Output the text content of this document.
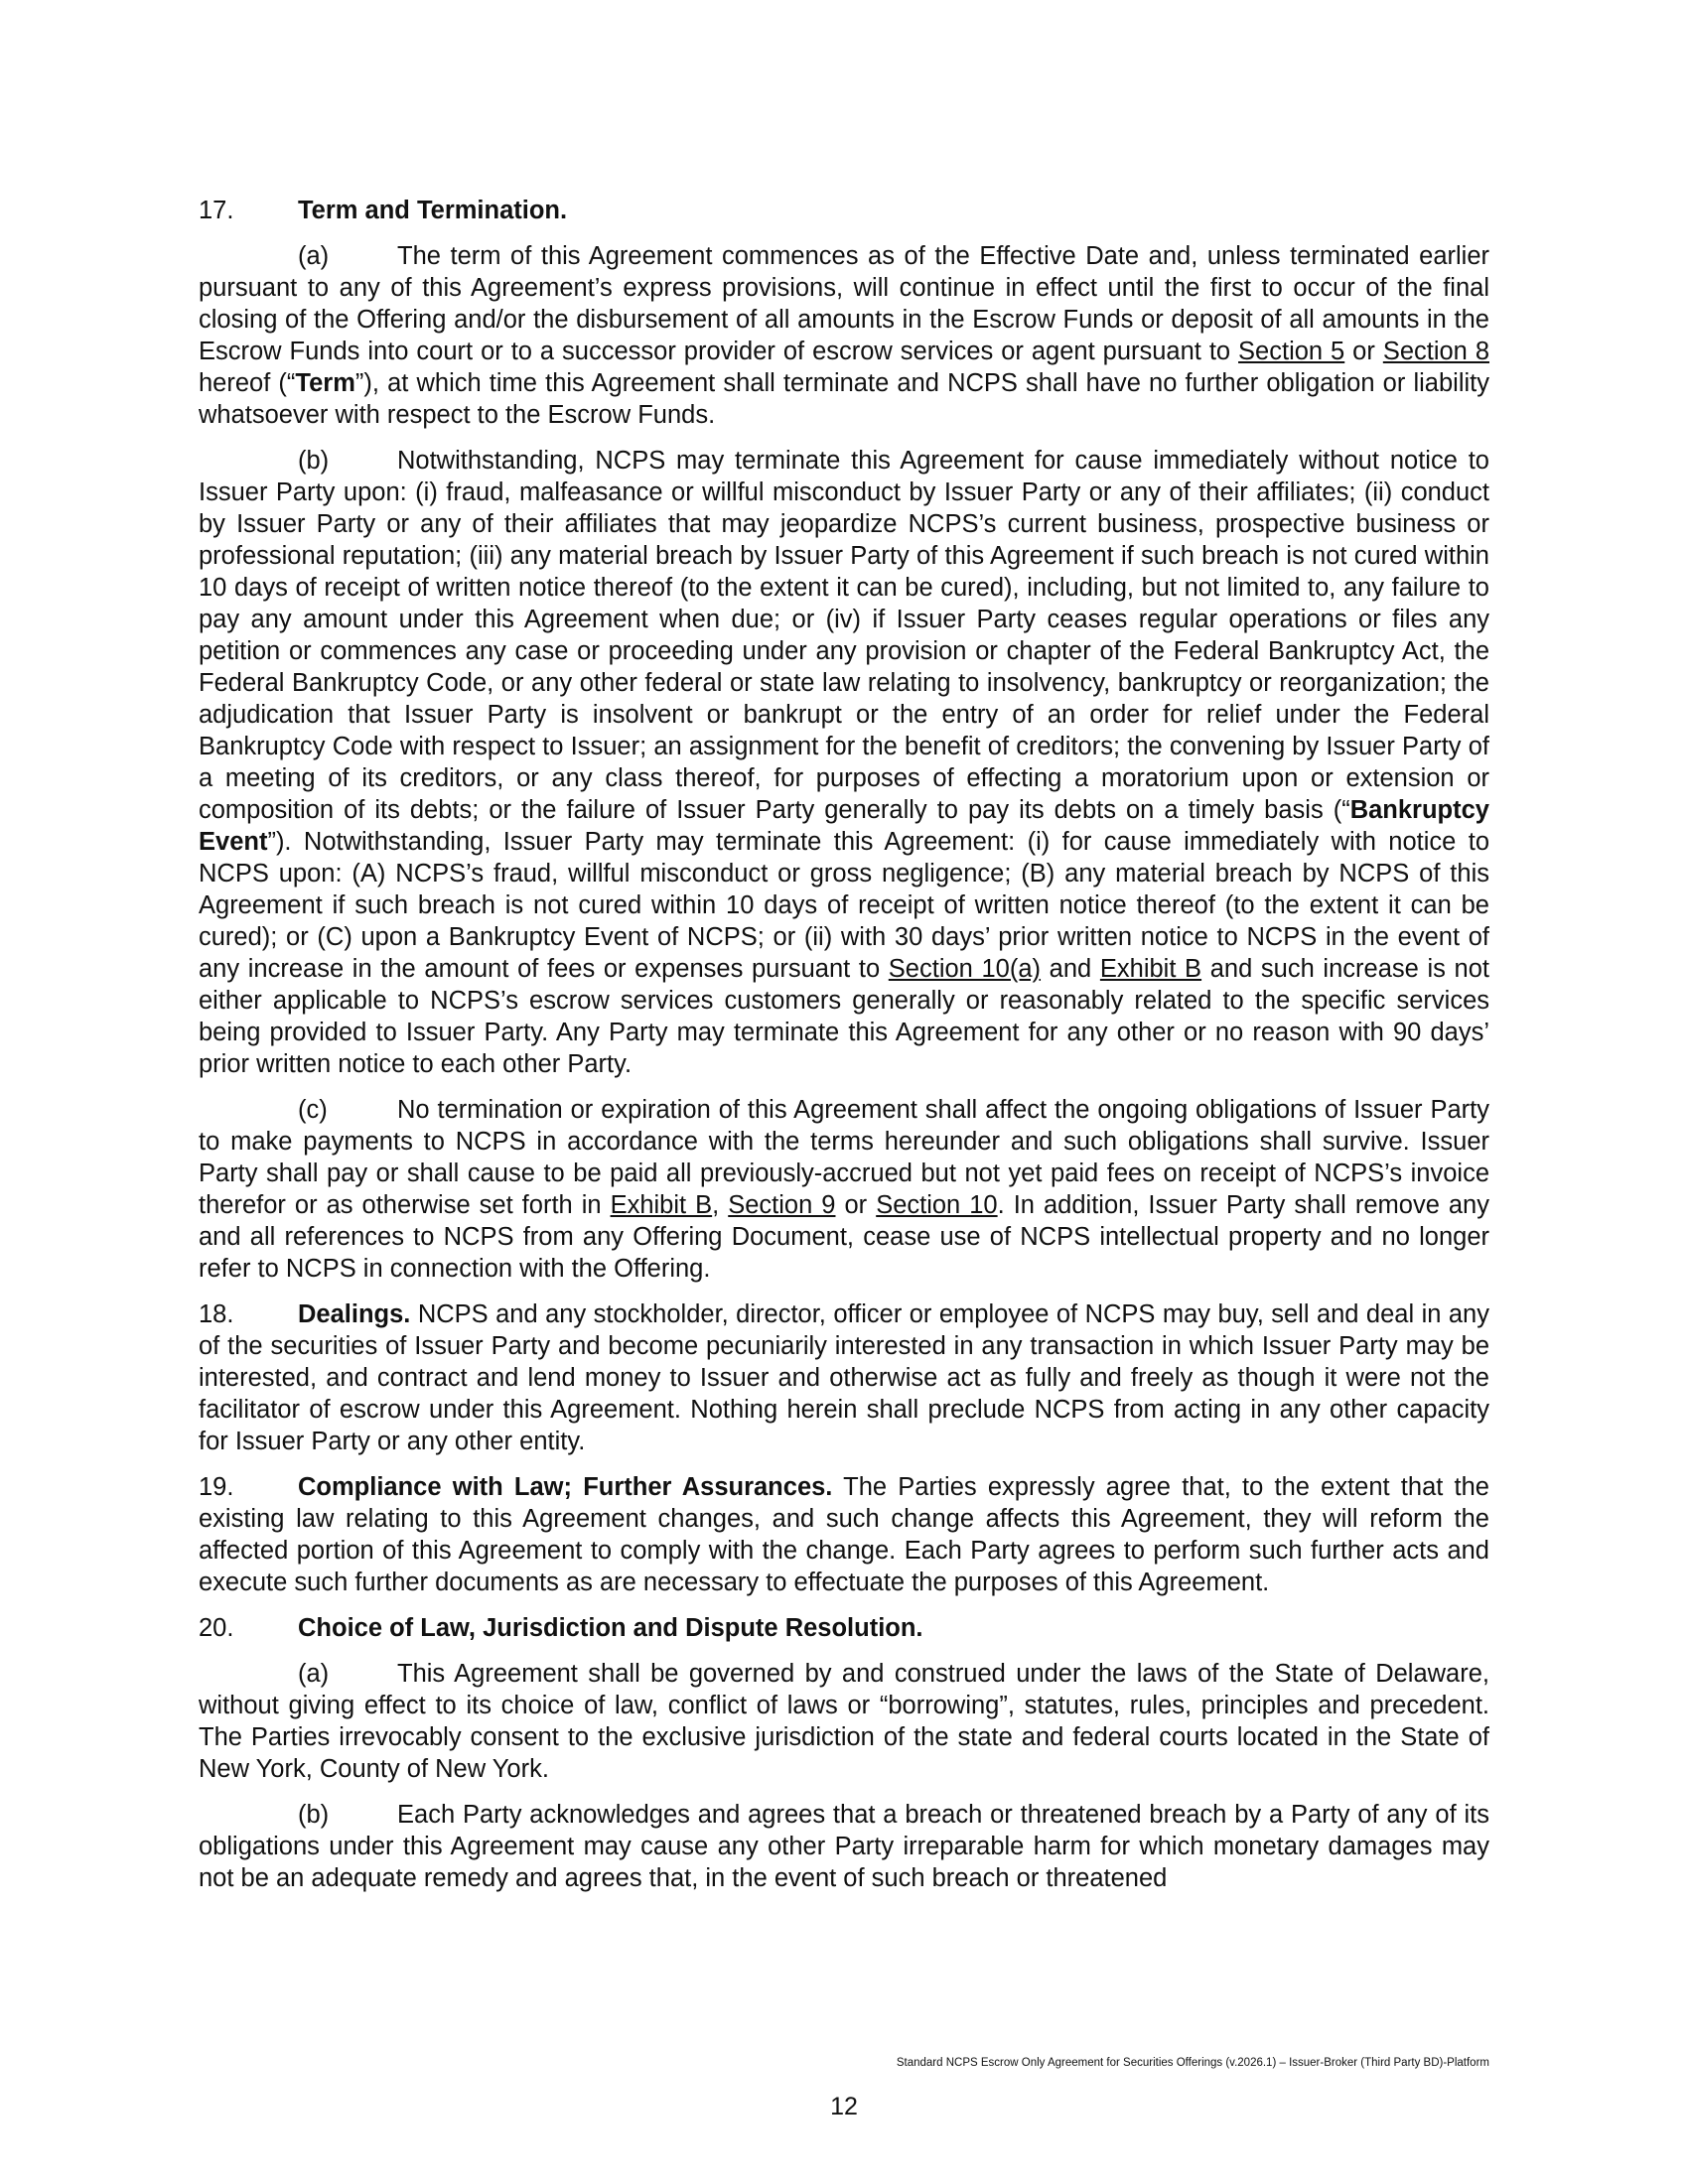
17.	Term and Termination.

(a)	The term of this Agreement commences as of the Effective Date and, unless terminated earlier pursuant to any of this Agreement’s express provisions, will continue in effect until the first to occur of the final closing of the Offering and/or the disbursement of all amounts in the Escrow Funds or deposit of all amounts in the Escrow Funds into court or to a successor provider of escrow services or agent pursuant to Section 5 or Section 8 hereof (“Term”), at which time this Agreement shall terminate and NCPS shall have no further obligation or liability whatsoever with respect to the Escrow Funds.

(b)	Notwithstanding, NCPS may terminate this Agreement for cause immediately without notice to Issuer Party upon: (i) fraud, malfeasance or willful misconduct by Issuer Party or any of their affiliates; (ii) conduct by Issuer Party or any of their affiliates that may jeopardize NCPS’s current business, prospective business or professional reputation; (iii) any material breach by Issuer Party of this Agreement if such breach is not cured within 10 days of receipt of written notice thereof (to the extent it can be cured), including, but not limited to, any failure to pay any amount under this Agreement when due; or (iv) if Issuer Party ceases regular operations or files any petition or commences any case or proceeding under any provision or chapter of the Federal Bankruptcy Act, the Federal Bankruptcy Code, or any other federal or state law relating to insolvency, bankruptcy or reorganization; the adjudication that Issuer Party is insolvent or bankrupt or the entry of an order for relief under the Federal Bankruptcy Code with respect to Issuer; an assignment for the benefit of creditors; the convening by Issuer Party of a meeting of its creditors, or any class thereof, for purposes of effecting a moratorium upon or extension or composition of its debts; or the failure of Issuer Party generally to pay its debts on a timely basis (“Bankruptcy Event”). Notwithstanding, Issuer Party may terminate this Agreement: (i) for cause immediately with notice to NCPS upon: (A) NCPS’s fraud, willful misconduct or gross negligence; (B) any material breach by NCPS of this Agreement if such breach is not cured within 10 days of receipt of written notice thereof (to the extent it can be cured); or (C) upon a Bankruptcy Event of NCPS; or (ii) with 30 days’ prior written notice to NCPS in the event of any increase in the amount of fees or expenses pursuant to Section 10(a) and Exhibit B and such increase is not either applicable to NCPS’s escrow services customers generally or reasonably related to the specific services being provided to Issuer Party. Any Party may terminate this Agreement for any other or no reason with 90 days’ prior written notice to each other Party.

(c)	No termination or expiration of this Agreement shall affect the ongoing obligations of Issuer Party to make payments to NCPS in accordance with the terms hereunder and such obligations shall survive. Issuer Party shall pay or shall cause to be paid all previously-accrued but not yet paid fees on receipt of NCPS’s invoice therefor or as otherwise set forth in Exhibit B, Section 9 or Section 10. In addition, Issuer Party shall remove any and all references to NCPS from any Offering Document, cease use of NCPS intellectual property and no longer refer to NCPS in connection with the Offering.

18.	Dealings. NCPS and any stockholder, director, officer or employee of NCPS may buy, sell and deal in any of the securities of Issuer Party and become pecuniarily interested in any transaction in which Issuer Party may be interested, and contract and lend money to Issuer and otherwise act as fully and freely as though it were not the facilitator of escrow under this Agreement. Nothing herein shall preclude NCPS from acting in any other capacity for Issuer Party or any other entity.

19.	Compliance with Law; Further Assurances. The Parties expressly agree that, to the extent that the existing law relating to this Agreement changes, and such change affects this Agreement, they will reform the affected portion of this Agreement to comply with the change. Each Party agrees to perform such further acts and execute such further documents as are necessary to effectuate the purposes of this Agreement.

20.	Choice of Law, Jurisdiction and Dispute Resolution.

(a)	This Agreement shall be governed by and construed under the laws of the State of Delaware, without giving effect to its choice of law, conflict of laws or “borrowing”, statutes, rules, principles and precedent. The Parties irrevocably consent to the exclusive jurisdiction of the state and federal courts located in the State of New York, County of New York.

(b)	Each Party acknowledges and agrees that a breach or threatened breach by a Party of any of its obligations under this Agreement may cause any other Party irreparable harm for which monetary damages may not be an adequate remedy and agrees that, in the event of such breach or threatened

Standard NCPS Escrow Only Agreement for Securities Offerings (v.2026.1) – Issuer-Broker (Third Party BD)-Platform
12
